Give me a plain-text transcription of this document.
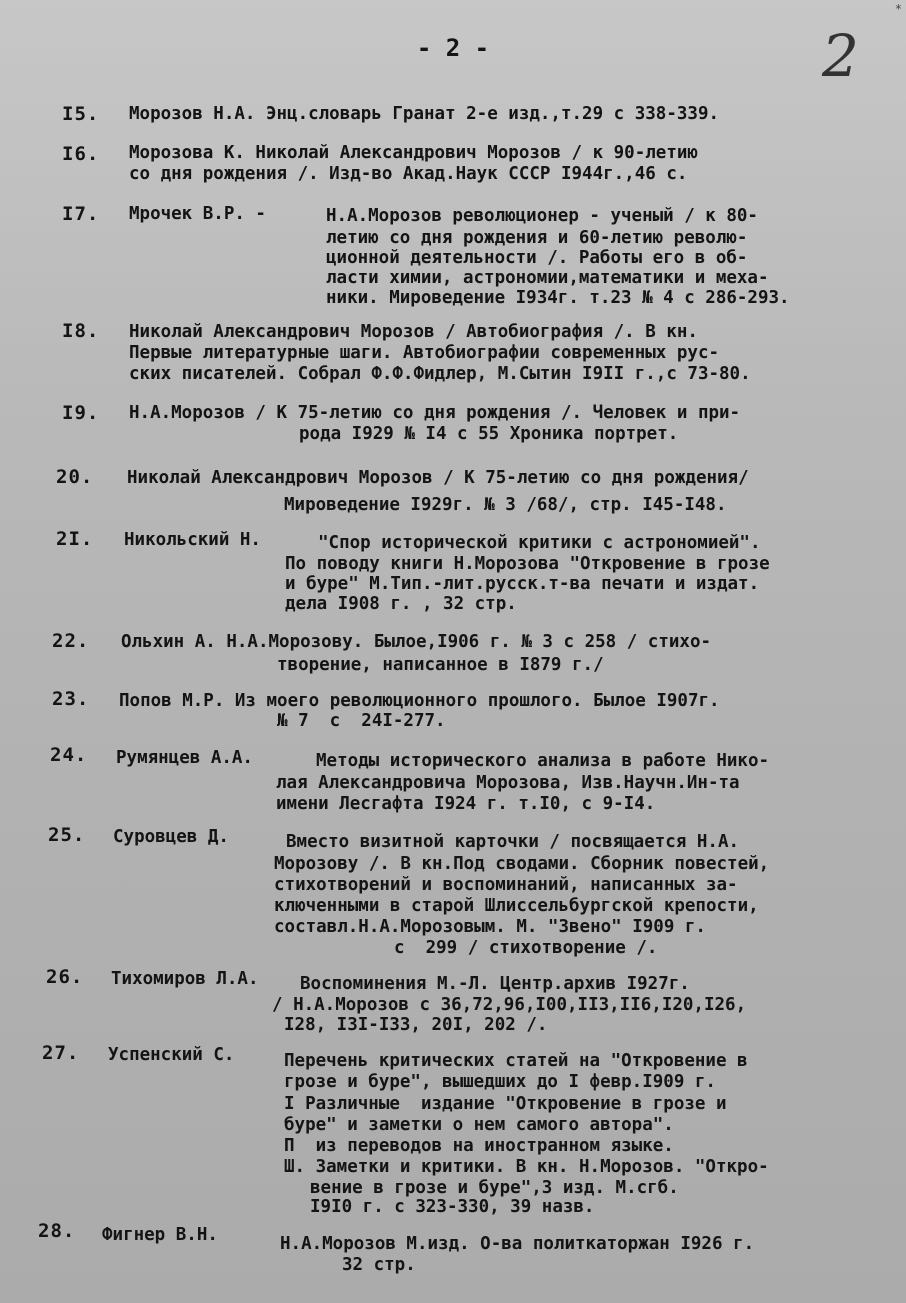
*
- 2 -	2
I5. Морозов Н.А. Энц.словарь Гранат 2-е изд.,т.29 с 338-339.
I6. Морозова К. Николай Александрович Морозов / к 90-летию
со дня рождения /. Изд-во Акад.Наук СССР I944г.,46 с.
I7. Мрочек В.Р. -	Н.А.Морозов революционер - ученый / к 80-
летию со дня рождения и 60-летию револю-
ционной деятельности /. Работы его в об-
ласти химии, астрономии,математики и меха-
ники. Мироведение I934г. т.23 № 4 с 286-293.
I8. Николай Александрович Морозов / Автобиография /. В кн.
Первые литературные шаги. Автобиографии современных рус-
ских писателей. Собрал Ф.Ф.Фидлер, М.Сытин I9II г.,с 73-80.
I9. Н.А.Морозов / К 75-летию со дня рождения /. Человек и при-
рода I929 № I4 с 55 Хроника портрет.
20. Николай Александрович Морозов / К 75-летию со дня рождения/
Мироведение I929г. № 3 /68/, стр. I45-I48.
2I. Никольский Н.	"Спор исторической критики с астрономией".
По поводу книги Н.Морозова "Откровение в грозе
и буре" М.Тип.-лит.русск.т-ва печати и издат.
дела I908 г. , 32 стр.
22. Ольхин А. Н.А.Морозову. Былое,I906 г. № 3 с 258 / стихо-
творение, написанное в I879 г./
23. Попов М.Р. Из моего революционного прошлого. Былое I907г.
№ 7  с  24I-277.
24. Румянцев А.А.	Методы исторического анализа в работе Нико-
лая Александровича Морозова, Изв.Научн.Ин-та
имени Лесгафта I924 г. т.I0, с 9-I4.
25. Суровцев Д.	Вместо визитной карточки / посвящается Н.А.
Морозову /. В кн.Под сводами. Сборник повестей,
стихотворений и воспоминаний, написанных за-
ключенными в старой Шлиссельбургской крепости,
составл.Н.А.Морозовым. М. "Звено" I909 г.
с  299 / стихотворение /.
26. Тихомиров Л.А. Воспоминения М.-Л. Центр.архив I927г.
/ Н.А.Морозов с 36,72,96,I00,II3,II6,I20,I26,
I28, I3I-I33, 20I, 202 /.
27. Успенский С.	Перечень критических статей на "Откровение в
грозе и буре", вышедших до I февр.I909 г.
I Различные  издание "Откровение в грозе и
буре" и заметки о нем самого автора".
П  из переводов на иностранном языке.
Ш. Заметки и критики. В кн. Н.Морозов. "Откро-
вение в грозе и буре",3 изд. М.сгб.
I9I0 г. с 323-330, 39 назв.
28. Фигнер В.Н.	Н.А.Морозов М.изд. О-ва политкаторжан I926 г.
32 стр.
